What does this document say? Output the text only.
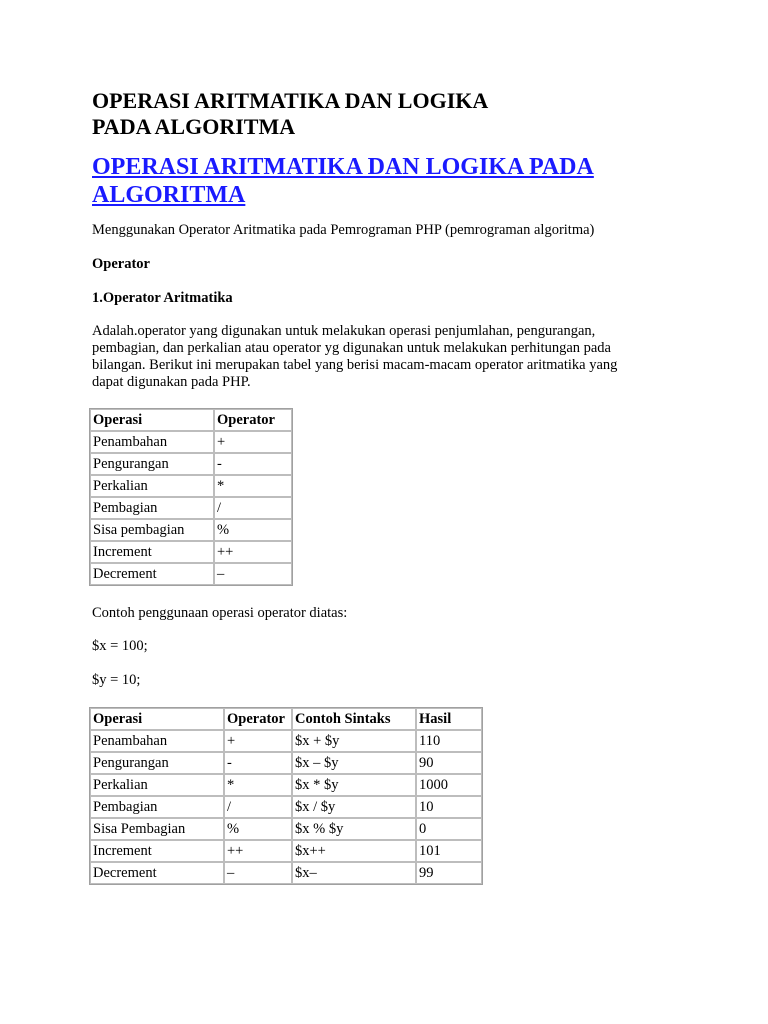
OPERASI ARITMATIKA DAN LOGIKA
PADA ALGORITMA
OPERASI ARITMATIKA DAN LOGIKA PADA
ALGORITMA

Menggunakan Operator Aritmatika pada Pemrograman PHP (pemrograman algoritma)

Operator

1.Operator Aritmatika

Adalah.operator yang digunakan untuk melakukan operasi penjumlahan, pengurangan,

pembagian, dan perkalian atau operator yg digunakan untuk melakukan perhitungan pada

bilangan. Berikut ini merupakan tabel yang berisi macam-macam operator aritmatika yang

dapat digunakan pada PHP.

Operasi	Operator
Penambahan	+
Pengurangan	-
Perkalian	*
Pembagian	/
Sisa pembagian	%
Increment	++
Decrement	–

Contoh penggunaan operasi operator diatas:

$x = 100;

$y = 10;

Operasi	Operator	Contoh Sintaks	Hasil
Penambahan	+	$x + $y	110
Pengurangan	-	$x – $y	90
Perkalian	*	$x * $y	1000
Pembagian	/	$x / $y	10
Sisa Pembagian	%	$x % $y	0
Increment	++	$x++	101
Decrement	–	$x–	99
